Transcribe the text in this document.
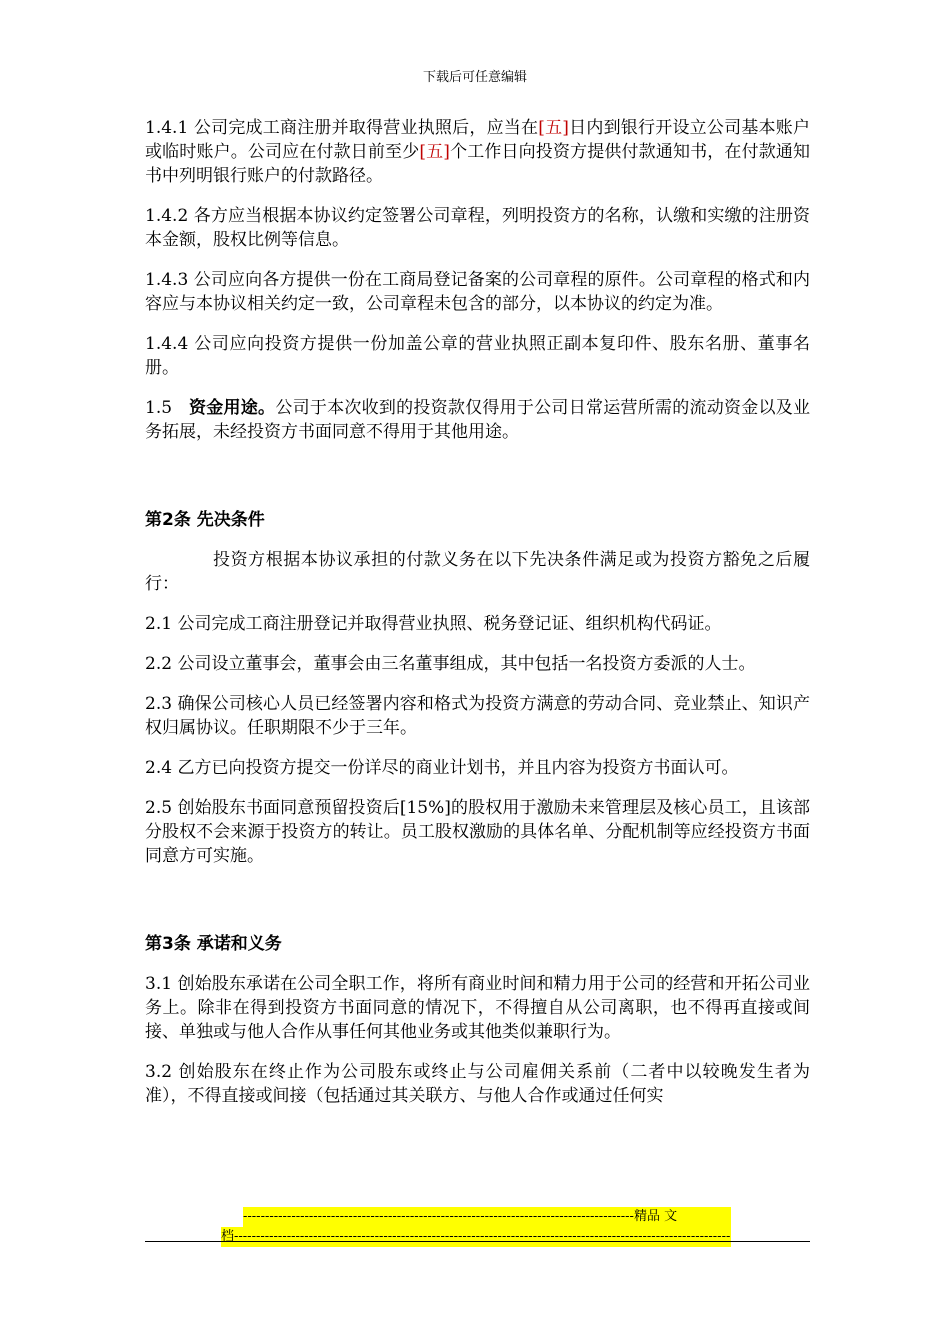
下载后可任意编辑

1.4.1 公司完成工商注册并取得营业执照后，应当在[五]日内到银行开设立公司基本账户或临时账户。公司应在付款日前至少[五]个工作日向投资方提供付款通知书，在付款通知书中列明银行账户的付款路径。

1.4.2 各方应当根据本协议约定签署公司章程，列明投资方的名称，认缴和实缴的注册资本金额，股权比例等信息。

1.4.3 公司应向各方提供一份在工商局登记备案的公司章程的原件。公司章程的格式和内容应与本协议相关约定一致，公司章程未包含的部分，以本协议的约定为准。

1.4.4 公司应向投资方提供一份加盖公章的营业执照正副本复印件、股东名册、董事名册。

1.5   资金用途。公司于本次收到的投资款仅得用于公司日常运营所需的流动资金以及业务拓展，未经投资方书面同意不得用于其他用途。

第2条 先决条件

投资方根据本协议承担的付款义务在以下先决条件满足或为投资方豁免之后履行：

2.1 公司完成工商注册登记并取得营业执照、税务登记证、组织机构代码证。

2.2 公司设立董事会，董事会由三名董事组成，其中包括一名投资方委派的人士。

2.3 确保公司核心人员已经签署内容和格式为投资方满意的劳动合同、竞业禁止、知识产权归属协议。任职期限不少于三年。

2.4 乙方已向投资方提交一份详尽的商业计划书，并且内容为投资方书面认可。

2.5 创始股东书面同意预留投资后[15%]的股权用于激励未来管理层及核心员工，且该部分股权不会来源于投资方的转让。员工股权激励的具体名单、分配机制等应经投资方书面同意方可实施。

第3条 承诺和义务

3.1 创始股东承诺在公司全职工作，将所有商业时间和精力用于公司的经营和开拓公司业务上。除非在得到投资方书面同意的情况下，不得擅自从公司离职，也不得再直接或间接、单独或与他人合作从事任何其他业务或其他类似兼职行为。

3.2 创始股东在终止作为公司股东或终止与公司雇佣关系前（二者中以较晚发生者为准），不得直接或间接（包括通过其关联方、与他人合作或通过任何实

-----------------------------------------------------------------------------------------精品 文
档-----------------------------------------------------------------------------------------------------------------
